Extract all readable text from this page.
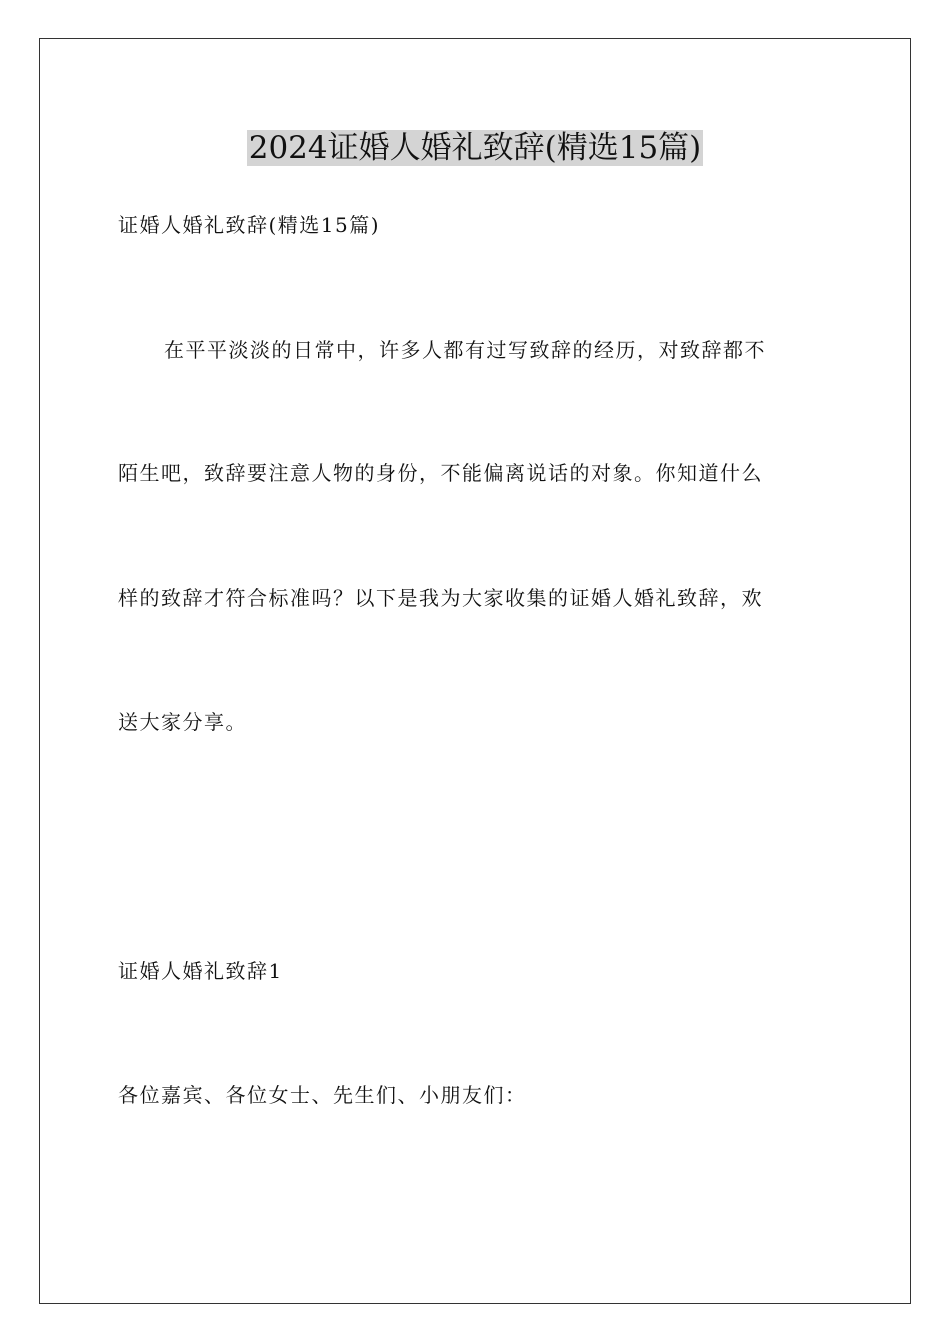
2024证婚人婚礼致辞(精选15篇)
证婚人婚礼致辞(精选15篇)
在平平淡淡的日常中，许多人都有过写致辞的经历，对致辞都不
陌生吧，致辞要注意人物的身份，不能偏离说话的对象。你知道什么
样的致辞才符合标准吗？以下是我为大家收集的证婚人婚礼致辞，欢
送大家分享。
证婚人婚礼致辞1
各位嘉宾、各位女士、先生们、小朋友们：
